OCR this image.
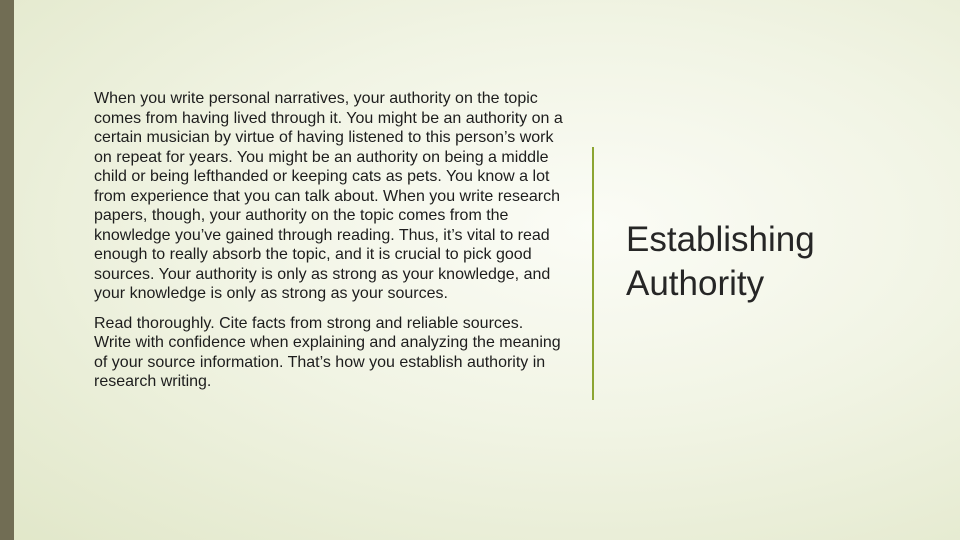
When you write personal narratives, your authority on the topic comes from having lived through it. You might be an authority on a certain musician by virtue of having listened to this person’s work on repeat for years. You might be an authority on being a middle child or being lefthanded or keeping cats as pets. You know a lot from experience that you can talk about. When you write research papers, though, your authority on the topic comes from the knowledge you’ve gained through reading. Thus, it’s vital to read enough to really absorb the topic, and it is crucial to pick good sources. Your authority is only as strong as your knowledge, and your knowledge is only as strong as your sources.

Read thoroughly. Cite facts from strong and reliable sources. Write with confidence when explaining and analyzing the meaning of your source information. That’s how you establish authority in research writing.

Establishing
Authority
